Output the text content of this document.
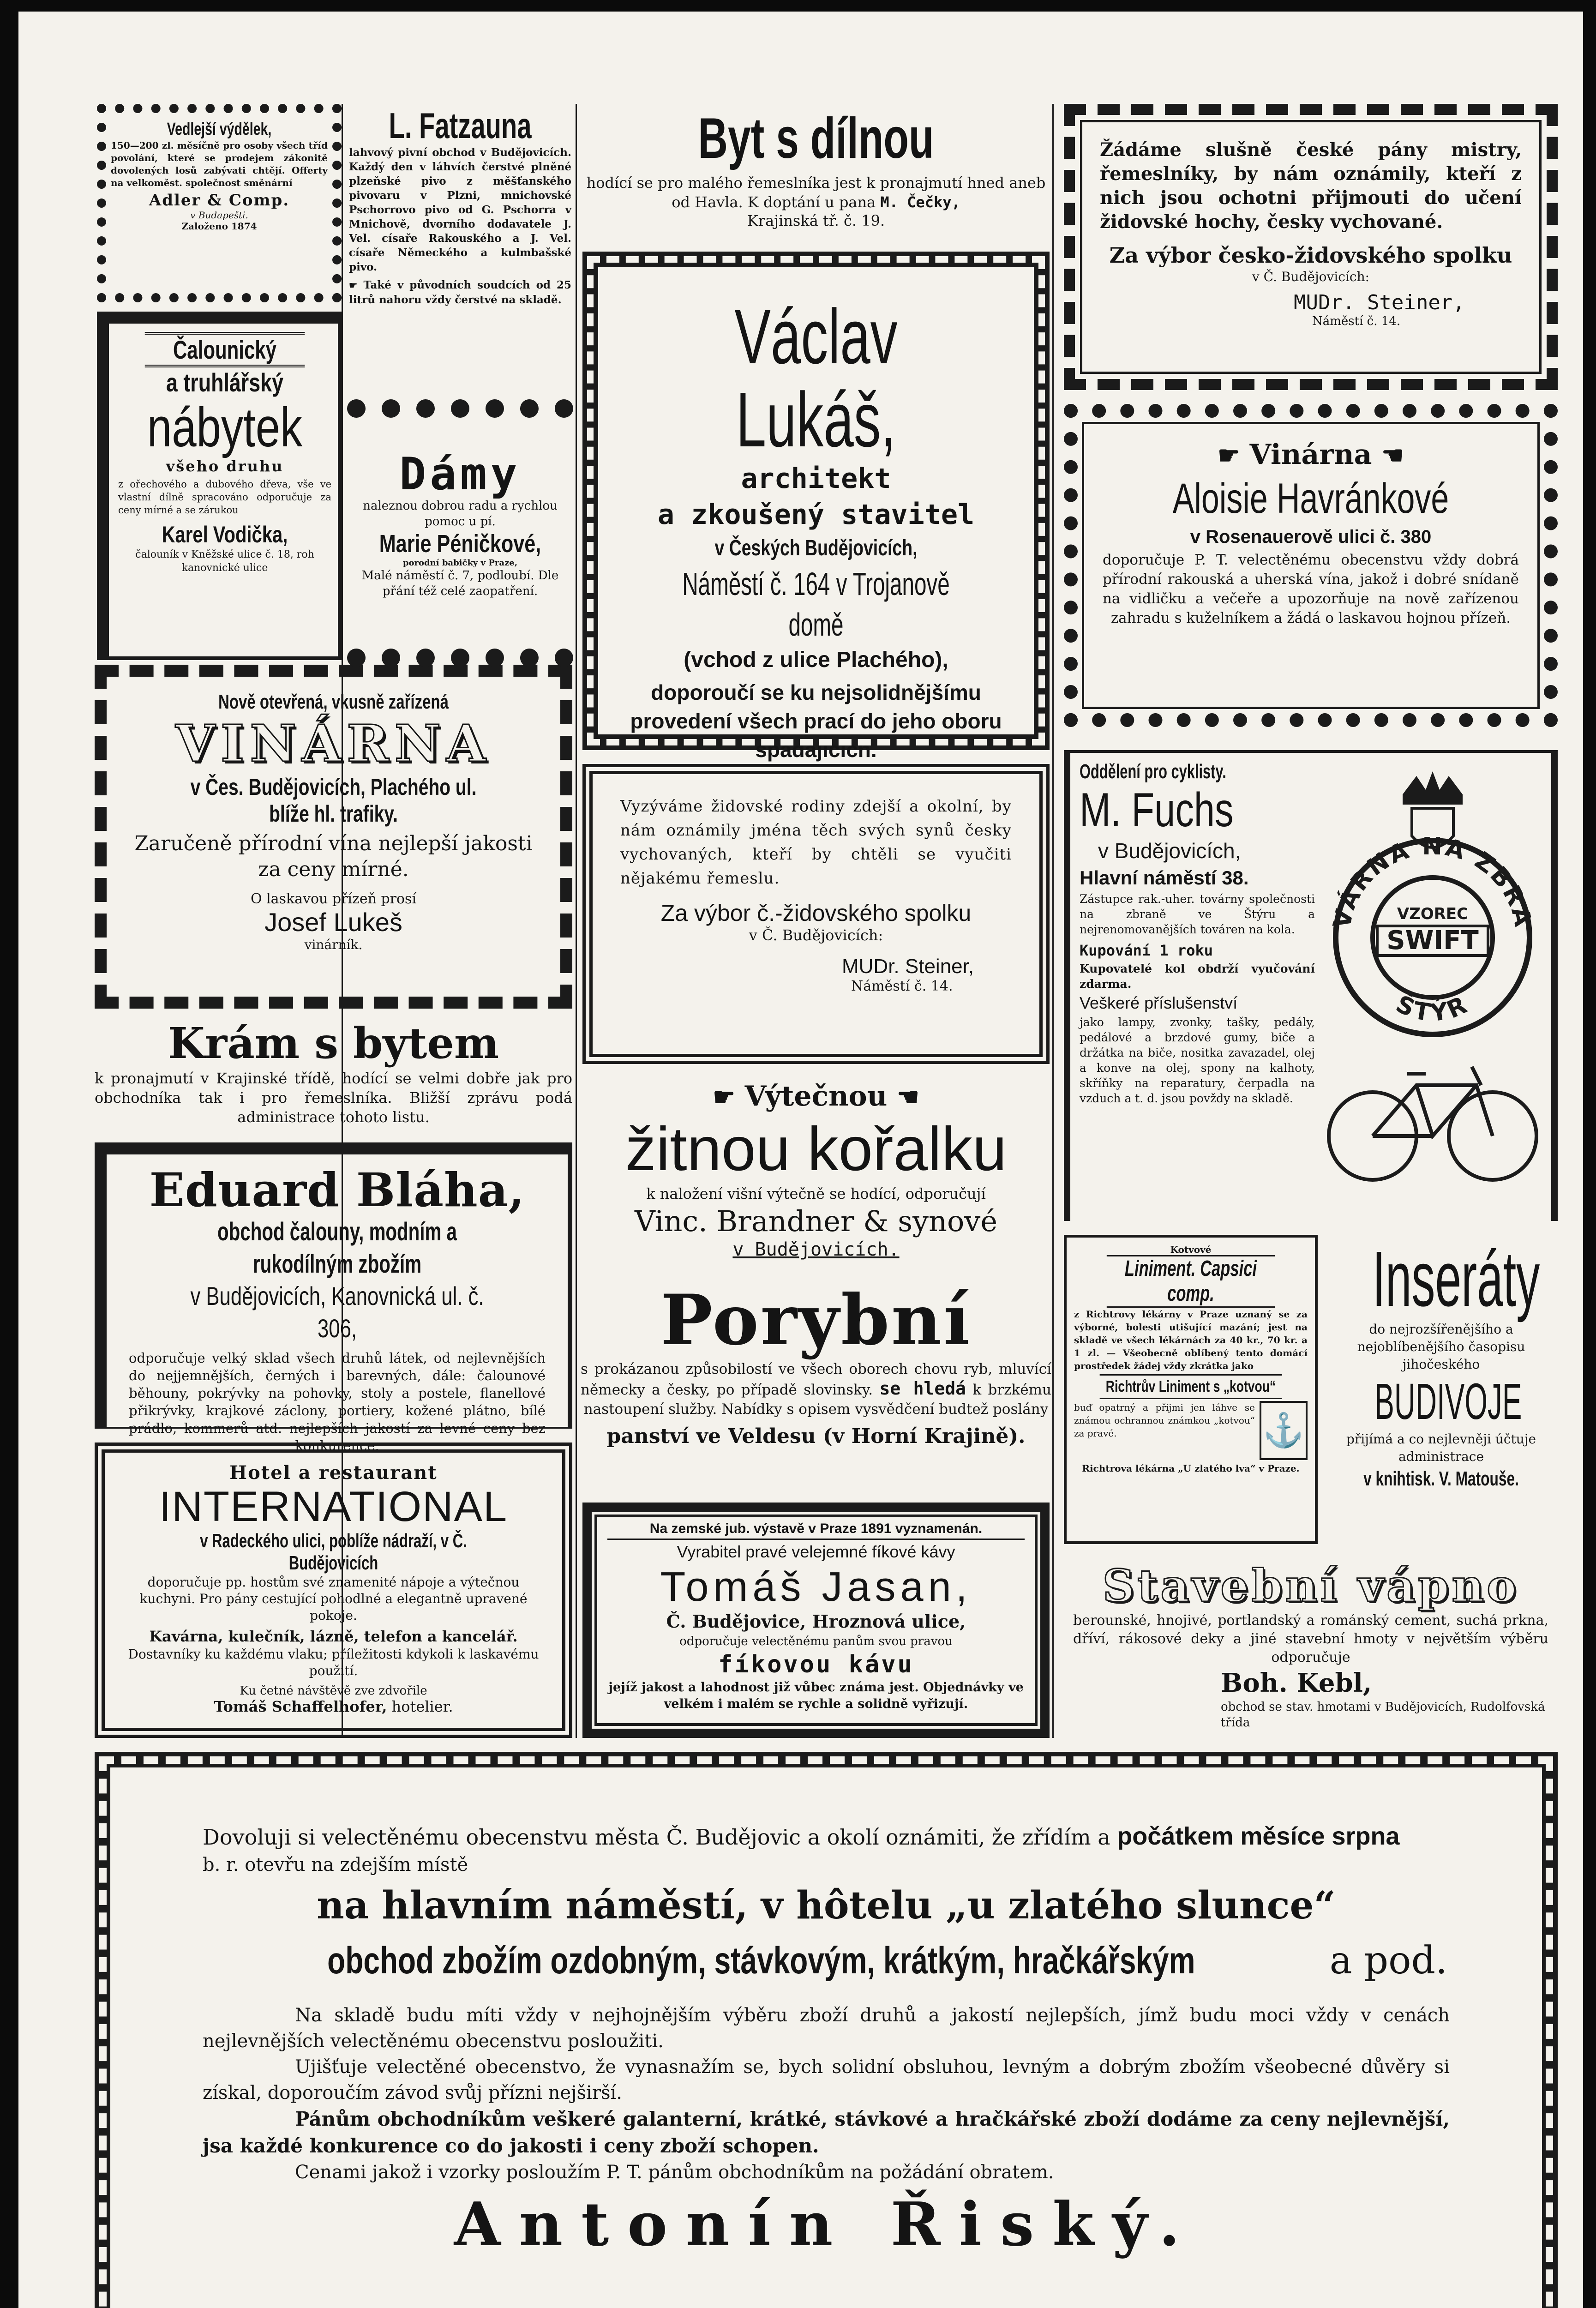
Vedlejší výdělek,
150—200 zl. měsíčně pro osoby všech tříd povolání, které se prodejem zákonitě dovolených losů zabývati chtějí. Offerty na velkoměst. společnost směnární
Adler & Comp.
v Budapešti.
Založeno 1874
Čalounický
a truhlářský
nábytek
všeho druhu
z ořechového a dubového dřeva, vše ve vlastní dílně spracováno odporučuje za ceny mírné a se zárukou
Karel Vodička,
čalouník v Kněžské ulice č. 18, roh kanovnické ulice
Nově otevřená, vkusně zařízená
VINÁRNA
v Čes. Budějovicích, Plachého ul. blíže hl. trafiky.
Zaručeně přírodní vína nejlepší jakosti za ceny mírné.
O laskavou přízeň prosí
Josef Lukeš
vinárník.
Krám s bytem
k pronajmutí v Krajinské třídě, hodící se velmi dobře jak pro obchodníka tak i pro řemeslníka. Bližší zprávu podá administrace tohoto listu.
Eduard Bláha,
obchod čalouny, modním a rukodílným zbožím
v Budějovicích, Kanovnická ul. č. 306,
odporučuje velký sklad všech druhů látek, od nejlevnějších do nejjemnějších, černých i barevných, dále: čalounové běhouny, pokrývky na pohovky, stoly a postele, flanellové přikrývky, krajkové záclony, portiery, kožené plátno, bílé prádlo, kommerů atd. nejlepších jakostí za levné ceny bez konkurence.
Hotel a restaurant
INTERNATIONAL
v Radeckého ulici, poblíže nádraží, v Č. Budějovicích
doporučuje pp. hostům své znamenité nápoje a výtečnou kuchyni. Pro pány cestující pohodlné a elegantně upravené pokoje.
Kavárna, kulečník, lázně, telefon a kancelář.
Dostavníky ku každému vlaku; příležitosti kdykoli k laskavému použití.
Ku četné návštěvě zve zdvořile
Tomáš Schaffelhofer, hotelier.
L. Fatzauna
lahvový pivní obchod v Budějovicích. Každý den v láhvích čerstvé plněné plzeňské pivo z měšťanského pivovaru v Plzni, mnichovské Pschorrovo pivo od G. Pschorra v Mnichově, dvorního dodavatele J. Vel. císaře Rakouského a J. Vel. císaře Německého a kulmbašské pivo.
☛ Také v původních soudcích od 25 litrů nahoru vždy čerstvé na skladě.
Dámy
naleznou dobrou radu a rychlou pomoc u pí.
Marie Péničkové,
porodní babičky v Praze,
Malé náměstí č. 7, podloubí. Dle přání též celé zaopatření.
Byt s dílnou
hodící se pro malého řemeslníka jest k pronajmutí hned aneb od Havla. K doptání u pana M. Čečky,
Krajinská tř. č. 19.
Václav Lukáš,
architekt
a zkoušený stavitel
v Českých Budějovicích,
Náměstí č. 164 v Trojanově domě
(vchod z ulice Plachého),
doporoučí se ku nejsolidnějšímu provedení všech prací do jeho oboru spadajících.
Vyzýváme židovské rodiny zdejší a okolní, by nám oznámily jména těch svých synů česky vychovaných, kteří by chtěli se vyučiti nějakému řemeslu.
Za výbor č.-židovského spolku
v Č. Budějovicích:
MUDr. Steiner,
Náměstí č. 14.
☛ Výtečnou ☚
žitnou kořalku
k naložení višní výtečně se hodící, odporučují
Vinc. Brandner & synové
v Budějovicích.
Porybní
s prokázanou způsobilostí ve všech oborech chovu ryb, mluvící německy a česky, po případě slovinsky. se hledá k brzkému nastoupení služby. Nabídky s opisem vysvědčení budtež poslány
panství ve Veldesu (v Horní Krajině).
Na zemské jub. výstavě v Praze 1891 vyznamenán.
Vyrabitel pravé velejemné fíkové kávy
Tomáš Jasan,
Č. Budějovice, Hroznová ulice,
odporučuje velectěnému panům svou pravou
fíkovou kávu
jejíž jakost a lahodnost již vůbec známa jest. Objednávky ve velkém i malém se rychle a solidně vyřizují.
Žádáme slušně české pány mistry, řemeslníky, by nám oznámily, kteří z nich jsou ochotni přijmouti do učení židovské hochy, česky vychované.
Za výbor česko-židovského spolku
v Č. Budějovicích:
MUDr. Steiner,
Náměstí č. 14.
☛ Vinárna ☚
Aloisie Havránkové
v Rosenauerově ulici č. 380
doporučuje P. T. velectěnému obecenstvu vždy dobrá přírodní rakouská a uherská vína, jakož i dobré snídaně na vidličku a večeře a upozorňuje na nově zařízenou zahradu s kuželníkem a žádá o laskavou hojnou přízeň.
Oddělení pro cyklisty.
M. Fuchs
v Budějovicích,
Hlavní náměstí 38.
Zástupce rak.-uher. továrny společnosti na zbraně ve Štýru a nejrenomovanějších továren na kola.
Kupování 1 roku
Kupovatelé kol obdrží vyučování zdarma.
Veškeré příslušenství
jako lampy, zvonky, tašky, pedály, pedálové a brzdové gumy, biče a držátka na biče, nositka zavazadel, olej a konve na olej, spony na kalhoty, skříňky na reparatury, čerpadla na vzduch a t. d. jsou povždy na skladě.
VÁRNA NA ZBRA
ŠTÝR
VZOREC
SWIFT
Kotvové
Liniment. Capsici comp.
z Richtrovy lékárny v Praze uznaný se za výborné, bolesti utišující mazání; jest na skladě ve všech lékárnách za 40 kr., 70 kr. a 1 zl. — Všeobecně oblíbený tento domácí prostředek žádej vždy zkrátka jako
Richtrův Liniment s „kotvou“
buď opatrný a přijmi jen láhve se známou ochrannou známkou „kotvou“ za pravé.	⚓
Richtrova lékárna „U zlatého lva“ v Praze.
Inseráty
do nejrozšířenějšího a nejoblíbenějšího časopisu jihočeského
BUDIVOJE
přijímá a co nejlevněji účtuje administrace
v knihtisk. V. Matouše.
Stavební vápno
berounské, hnojivé, portlandský a románský cement, suchá prkna, dříví, rákosové deky a jiné stavební hmoty v největším výběru odporučuje
Boh. Kebl,
obchod se stav. hmotami v Budějovicích, Rudolfovská třída
Dovoluji si velectěnému obecenstvu města Č. Budějovic a okolí oznámiti, že zřídím a počátkem měsíce srpna
b. r. otevřu na zdejším místě
na hlavním náměstí, v hôtelu „u zlatého slunce“
obchod zbožím ozdobným, stávkovým, krátkým, hračkářským	a pod.
Na skladě budu míti vždy v nejhojnějším výběru zboží druhů a jakostí nejlepších, jímž budu moci vždy v cenách nejlevnějších velectěnému obecenstvu posloužiti.
Ujišťuje velectěné obecenstvo, že vynasnažím se, bych solidní obsluhou, levným a dobrým zbožím všeobecné důvěry si získal, doporoučím závod svůj přízni nejširší.
Pánům obchodníkům veškeré galanterní, krátké, stávkové a hračkářské zboží dodáme za ceny nejlevnější, jsa každé konkurence co do jakosti i ceny zboží schopen.
Cenami jakož i vzorky posloužím P. T. pánům obchodníkům na požádání obratem.
Antonín Řiský.
